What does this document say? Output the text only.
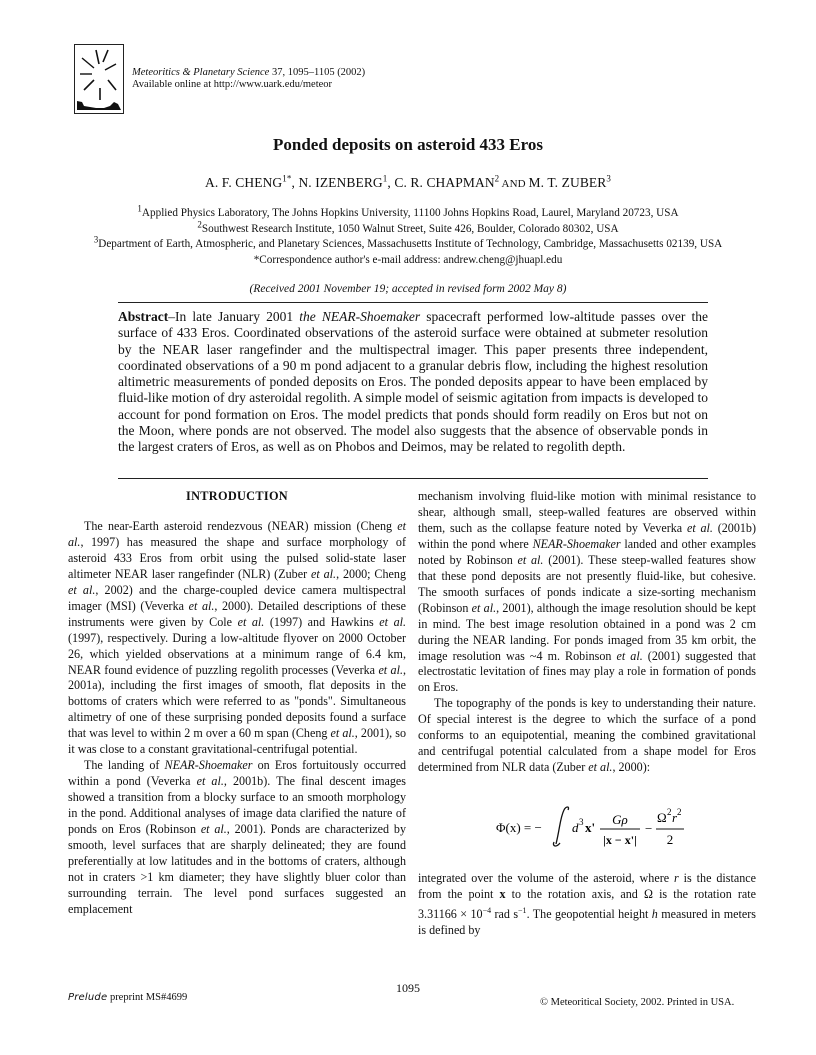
Meteoritics & Planetary Science 37, 1095–1105 (2002)
Available online at http://www.uark.edu/meteor
Ponded deposits on asteroid 433 Eros
A. F. $CHENG^{1*}$, N. IZENBERG$^1$, C. R. CHAPMAN$^2$ AND M. T. ZUBER$^3$
$^1$Applied Physics Laboratory, The Johns Hopkins University, 11100 Johns Hopkins Road, Laurel, Maryland 20723, USA
$^2$Southwest Research Institute, 1050 Walnut Street, Suite 426, Boulder, Colorado 80302, USA
$^3$Department of Earth, Atmospheric, and Planetary Sciences, Massachusetts Institute of Technology, Cambridge, Massachusetts 02139, USA
*Correspondence author's e-mail address: andrew.cheng@jhuapl.edu
(Received 2001 November 19; accepted in revised form 2002 May 8)
Abstract–In late January 2001 the NEAR-Shoemaker spacecraft performed low-altitude passes over the surface of 433 Eros. Coordinated observations of the asteroid surface were obtained at submeter resolution by the NEAR laser rangefinder and the multispectral imager. This paper presents three independent, coordinated observations of a 90 m pond adjacent to a granular debris flow, including the highest resolution altimetric measurements of ponded deposits on Eros. The ponded deposits appear to have been emplaced by fluid-like motion of dry asteroidal regolith. A simple model of seismic agitation from impacts is developed to account for pond formation on Eros. The model predicts that ponds should form readily on Eros but not on the Moon, where ponds are not observed. The model also suggests that the absence of observable ponds in the largest craters of Eros, as well as on Phobos and Deimos, may be related to regolith depth.
INTRODUCTION

The near-Earth asteroid rendezvous (NEAR) mission (Cheng et al., 1997) has measured the shape and surface morphology of asteroid 433 Eros from orbit using the pulsed solid-state laser altimeter NEAR laser rangefinder (NLR) (Zuber et al., 2000; Cheng et al., 2002) and the charge-coupled device camera multispectral imager (MSI) (Veverka et al., 2000). Detailed descriptions of these instruments were given by Cole et al. (1997) and Hawkins et al. (1997), respectively. During a low-altitude flyover on 2000 October 26, which yielded observations at a minimum range of 6.4 km, NEAR found evidence of puzzling regolith processes (Veverka et al., 2001a), including the first images of smooth, flat deposits in the bottoms of craters which were referred to as "ponds". Simultaneous altimetry of one of these surprising ponded deposits found a surface that was level to within 2 m over a 60 m span (Cheng et al., 2001), so it was close to a constant gravitational-centrifugal potential.

The landing of NEAR-Shoemaker on Eros fortuitously occurred within a pond (Veverka et al., 2001b). The final descent images showed a transition from a blocky surface to an smooth morphology in the pond. Additional analyses of image data clarified the nature of ponds on Eros (Robinson et al., 2001). Ponds are characterized by smooth, level surfaces that are sharply delineated; they are found preferentially at low latitudes and in the bottoms of craters, although not in craters >1 km diameter; they have slightly bluer color than surrounding terrain. The level pond surfaces suggested an emplacement

mechanism involving fluid-like motion with minimal resistance to shear, although small, steep-walled features are observed within them, such as the collapse feature noted by Veverka et al. (2001b) within the pond where NEAR-Shoemaker landed and other examples noted by Robinson et al. (2001). These steep-walled features show that these pond deposits are not presently fluid-like, but cohesive. The smooth surfaces of ponds indicate a size-sorting mechanism (Robinson et al., 2001), although the image resolution should be kept in mind. The best image resolution obtained in a pond was 2 cm during the NEAR landing. For ponds imaged from 35 km orbit, the image resolution was ~4 m. Robinson et al. (2001) suggested that electrostatic levitation of fines may play a role in formation of ponds on Eros.

The topography of the ponds is key to understanding their nature. Of special interest is the degree to which the surface of a pond conforms to an equipotential, meaning the combined gravitational and centrifugal potential calculated from a shape model for Eros determined from NLR data (Zuber et al., 2000):

Φ(x) = − d 3 x'
Gρ
|x − x'|
−
Ω 2 r 2
2

integrated over the volume of the asteroid, where r is the distance from the point x to the rotation axis, and Ω is the rotation rate $3.31166 \times 10^{-4}$ rad $s^{-1}$. The geopotential height h measured in meters is defined by

1095
Prelude preprint MS#4699	© Meteoritical Society, 2002. Printed in USA.
